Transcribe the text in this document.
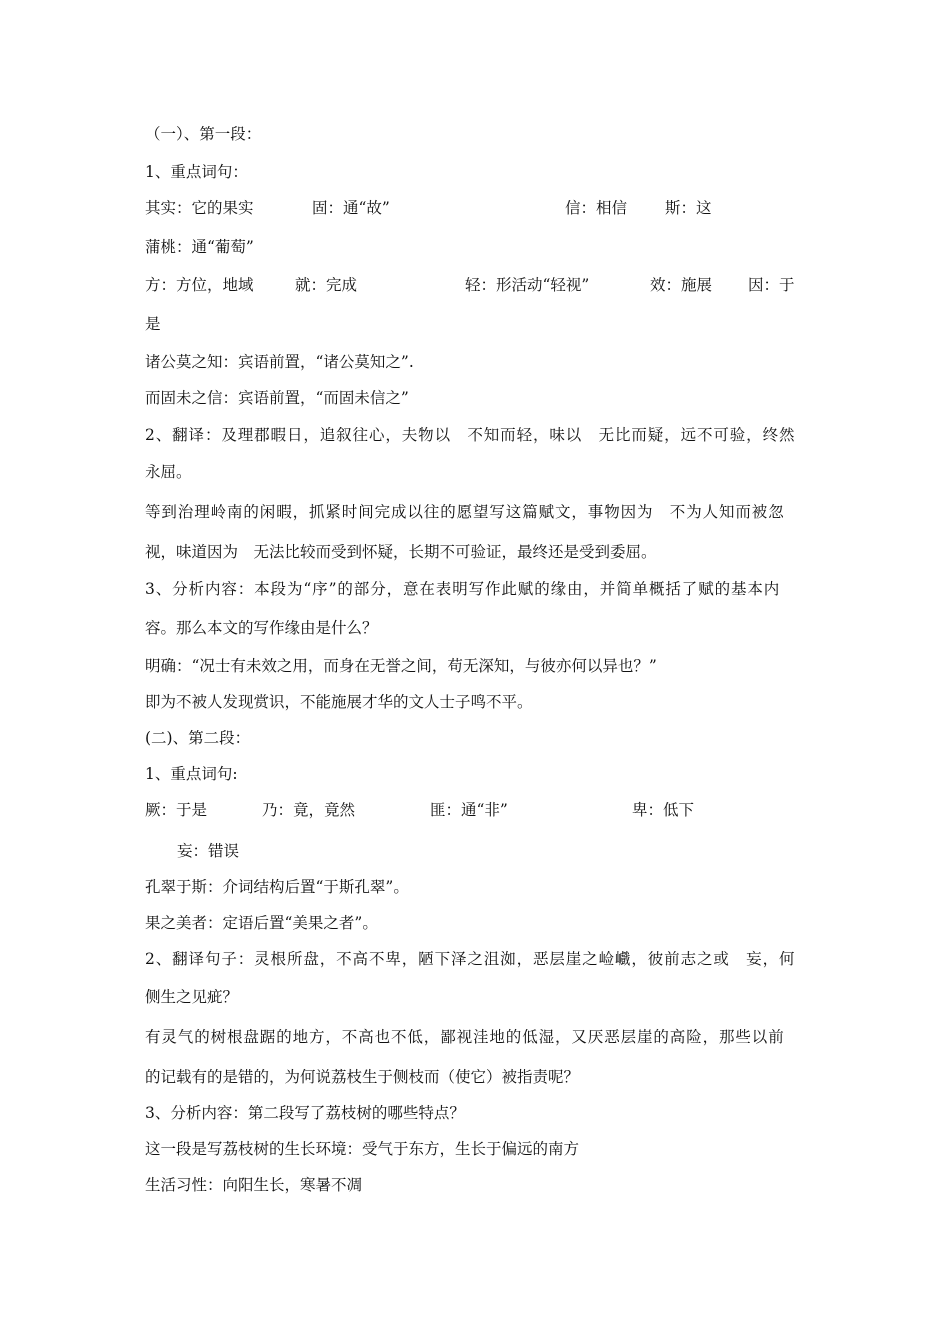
（一）、第一段：
1、重点词句：
其实：它的果实	固：通“故”	信：相信 斯：这
蒲桃：通“葡萄”
方：方位，地域	就：完成	轻：形活动“轻视”	效：施展 因：于
是
诸公莫之知：宾语前置，“诸公莫知之”.
而固未之信：宾语前置，“而固未信之”
2、翻译：及理郡暇日，追叙往心，夫物以　不知而轻，味以　无比而疑，远不可验，终然
永屈。
等到治理岭南的闲暇，抓紧时间完成以往的愿望写这篇赋文，事物因为　不为人知而被忽
视，味道因为　无法比较而受到怀疑，长期不可验证，最终还是受到委屈。
3、分析内容：本段为“序”的部分，意在表明写作此赋的缘由，并简单概括了赋的基本内
容。那么本文的写作缘由是什么？
明确：“况士有未效之用，而身在无誉之间，苟无深知，与彼亦何以异也？”
即为不被人发现赏识，不能施展才华的文人士子鸣不平。
(二)、第二段：
1、重点词句:
厥：于是	乃：竟，竟然	匪：通“非”	卑：低下
妄：错误
孔翠于斯：介词结构后置“于斯孔翠”。
果之美者：定语后置“美果之者”。
2、翻译句子：灵根所盘，不高不卑，陋下泽之沮洳，恶层崖之崄巇，彼前志之或　妄，何
侧生之见疵？
有灵气的树根盘踞的地方，不高也不低，鄙视洼地的低湿，又厌恶层崖的高险，那些以前
的记载有的是错的，为何说荔枝生于侧枝而（使它）被指责呢？
3、分析内容：第二段写了荔枝树的哪些特点？
这一段是写荔枝树的生长环境：受气于东方，生长于偏远的南方
生活习性：向阳生长，寒暑不凋
